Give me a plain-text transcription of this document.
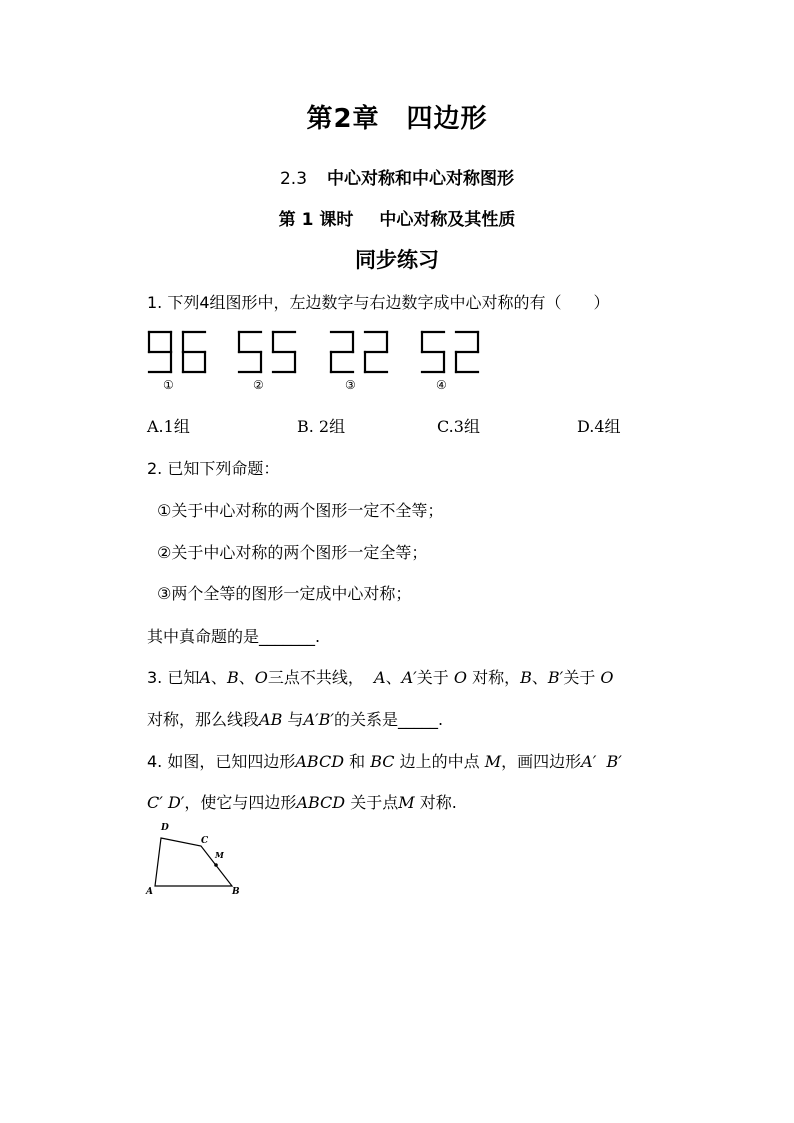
第2章　四边形
2.3 中心对称和中心对称图形
第 1 课时 中心对称及其性质
同步练习
1. 下列4组图形中，左边数字与右边数字成中心对称的有（　　）
①	②	③	④
A.1组	B. 2组	C.3组	D.4组
2. 已知下列命题：
①关于中心对称的两个图形一定不全等；
②关于中心对称的两个图形一定全等；
③两个全等的图形一定成中心对称；
其中真命题的是_______.
3. 已知A、B、O三点不共线， A、A′关于 O 对称，B、B′关于 O
对称，那么线段AB 与A′B′的关系是_____.
4. 如图，已知四边形ABCD 和 BC 边上的中点 M，画四边形A′ B′
C′ D′，使它与四边形ABCD 关于点M 对称.
A	B
C
D
M
